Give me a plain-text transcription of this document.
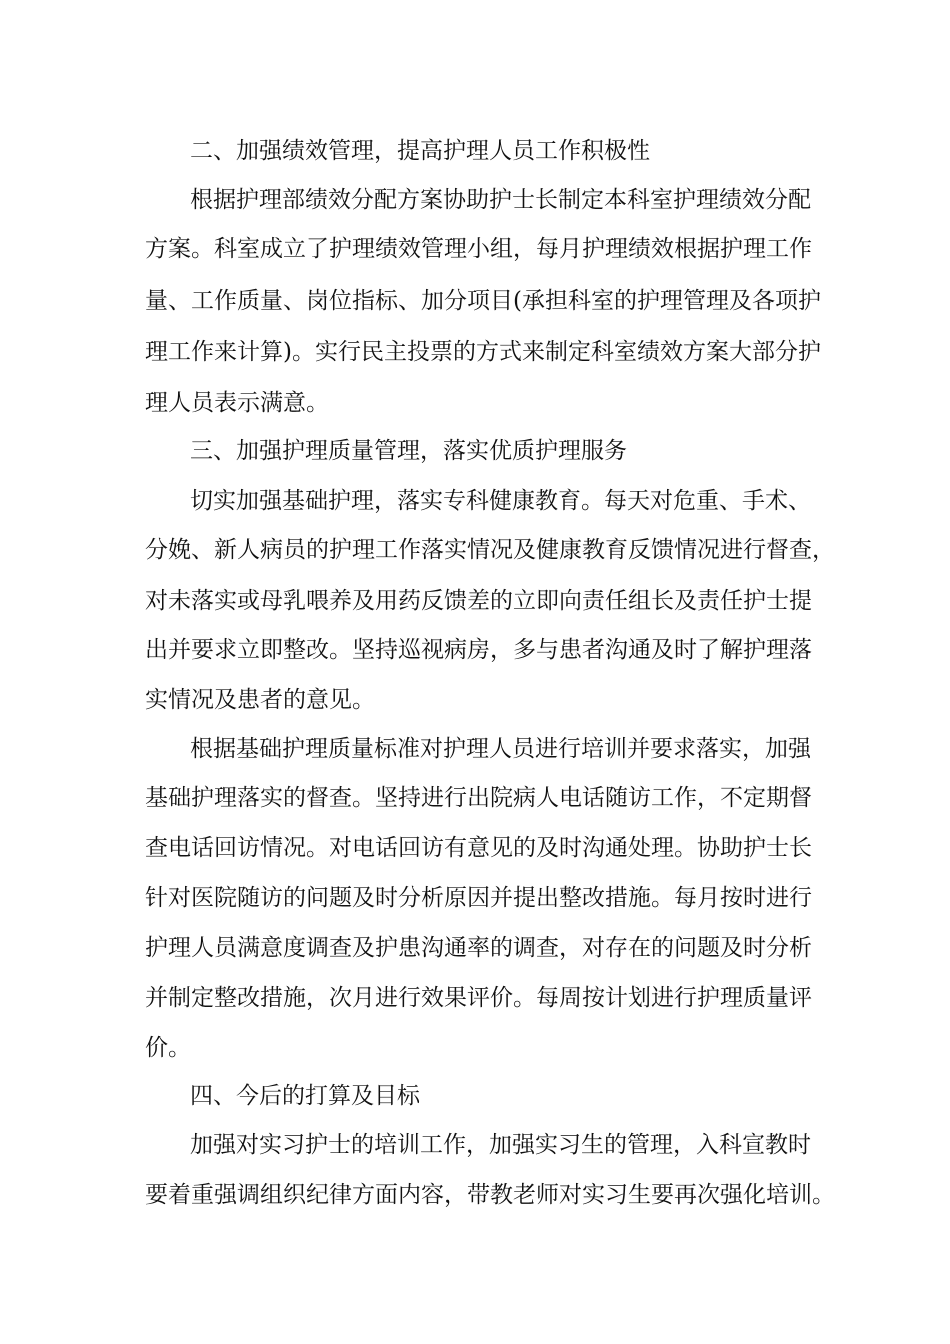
二、加强绩效管理，提高护理人员工作积极性

根据护理部绩效分配方案协助护士长制定本科室护理绩效分配

方案。科室成立了护理绩效管理小组，每月护理绩效根据护理工作

量、工作质量、岗位指标、加分项目(承担科室的护理管理及各项护

理工作来计算)。实行民主投票的方式来制定科室绩效方案大部分护

理人员表示满意。

三、加强护理质量管理，落实优质护理服务

切实加强基础护理，落实专科健康教育。每天对危重、手术、

分娩、新人病员的护理工作落实情况及健康教育反馈情况进行督查，

对未落实或母乳喂养及用药反馈差的立即向责任组长及责任护士提

出并要求立即整改。坚持巡视病房，多与患者沟通及时了解护理落

实情况及患者的意见。

根据基础护理质量标准对护理人员进行培训并要求落实，加强

基础护理落实的督查。坚持进行出院病人电话随访工作，不定期督

查电话回访情况。对电话回访有意见的及时沟通处理。协助护士长

针对医院随访的问题及时分析原因并提出整改措施。每月按时进行

护理人员满意度调查及护患沟通率的调查，对存在的问题及时分析

并制定整改措施，次月进行效果评价。每周按计划进行护理质量评

价。

四、今后的打算及目标

加强对实习护士的培训工作，加强实习生的管理，入科宣教时

要着重强调组织纪律方面内容，带教老师对实习生要再次强化培训。
